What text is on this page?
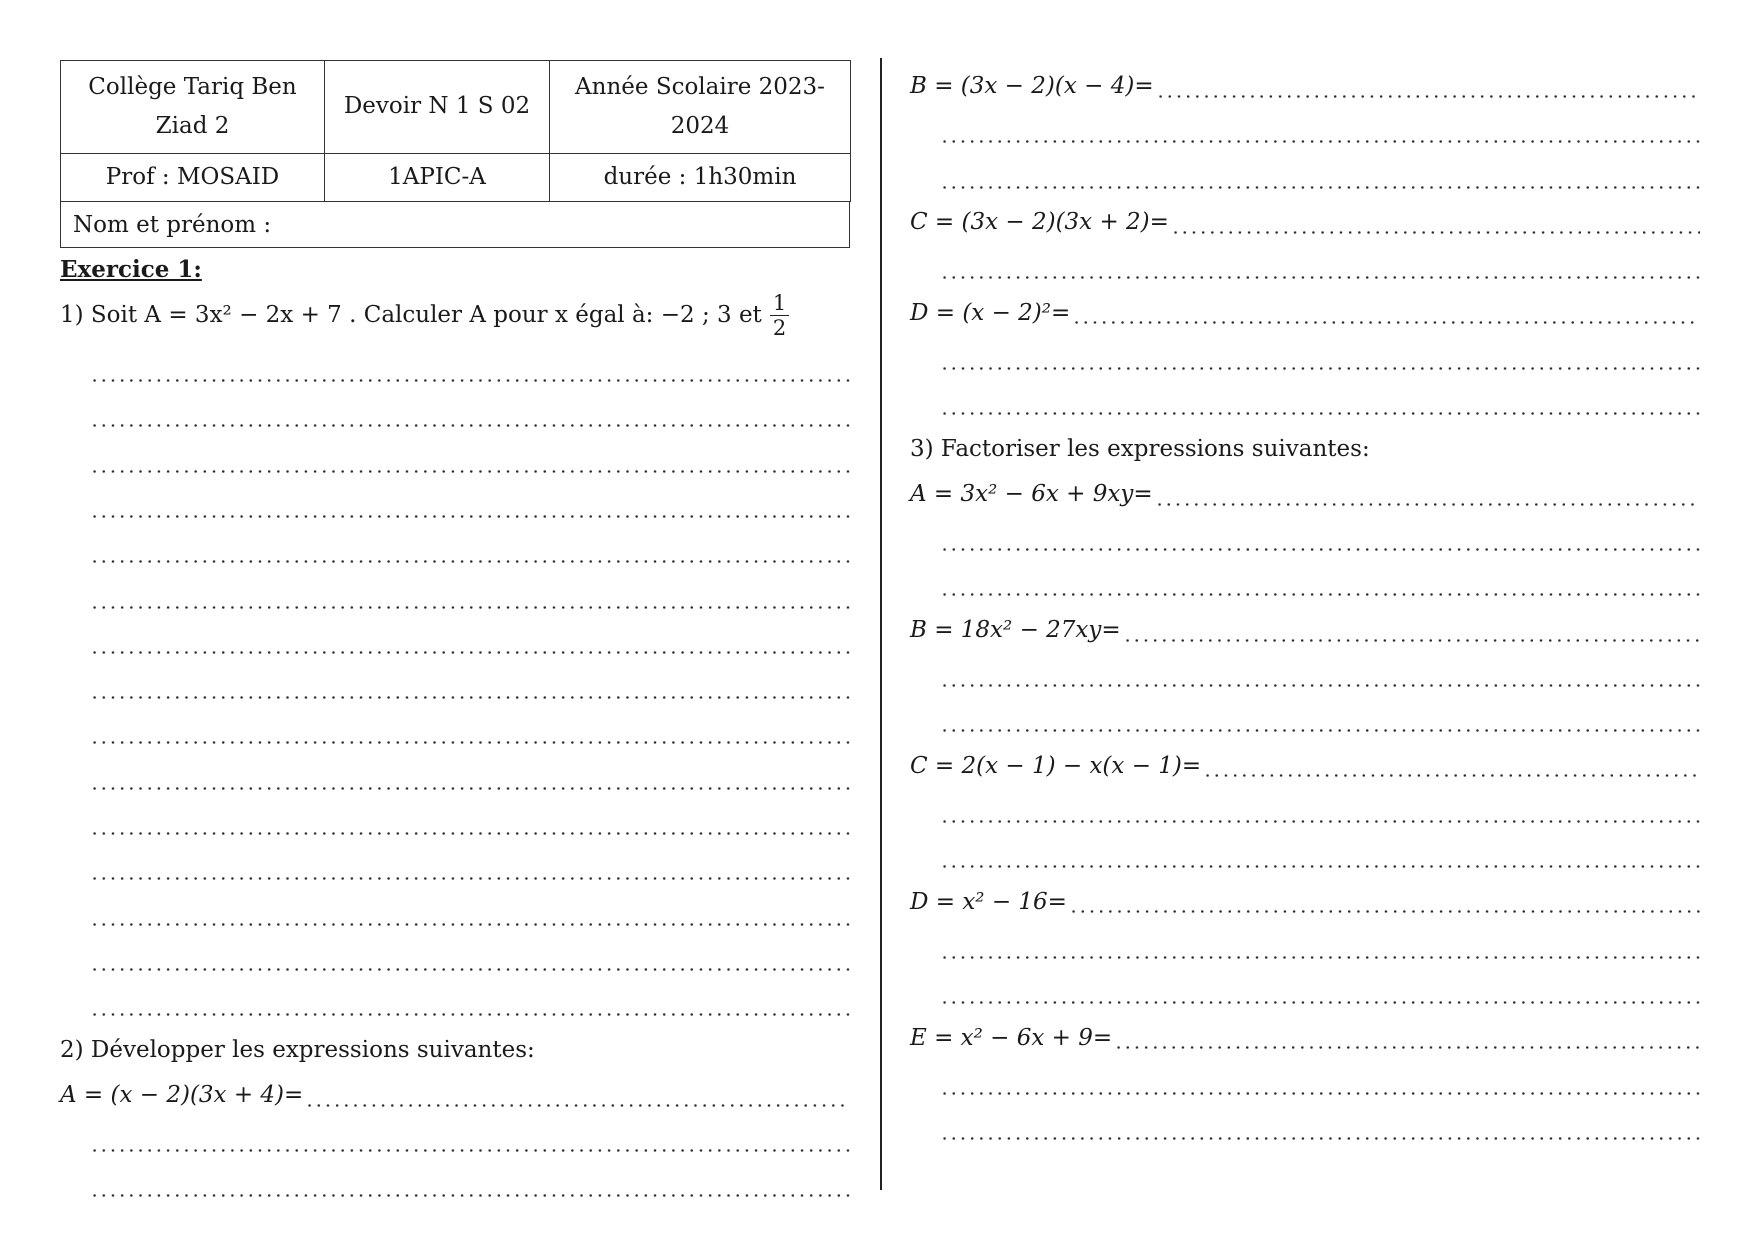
Collège Tariq Ben Ziad 2	Devoir N 1 S 02	Année Scolaire 2023-2024
Prof : MOSAID	1APIC-A	durée : 1h30min
Nom et prénom :
Exercice 1:
1) Soit A = 3x² − 2x + 7 . Calculer A pour x égal à: −2 ; 3 et $\frac{1}{2}$
2) Développer les expressions suivantes:
A = (x − 2)(3x + 4)=
B = (3x − 2)(x − 4)=
C = (3x − 2)(3x + 2)=
D = (x − 2)²=
3) Factoriser les expressions suivantes:
A = 3x² − 6x + 9xy=
B = 18x² − 27xy=
C = 2(x − 1) − x(x − 1)=
D = x² − 16=
E = x² − 6x + 9=
